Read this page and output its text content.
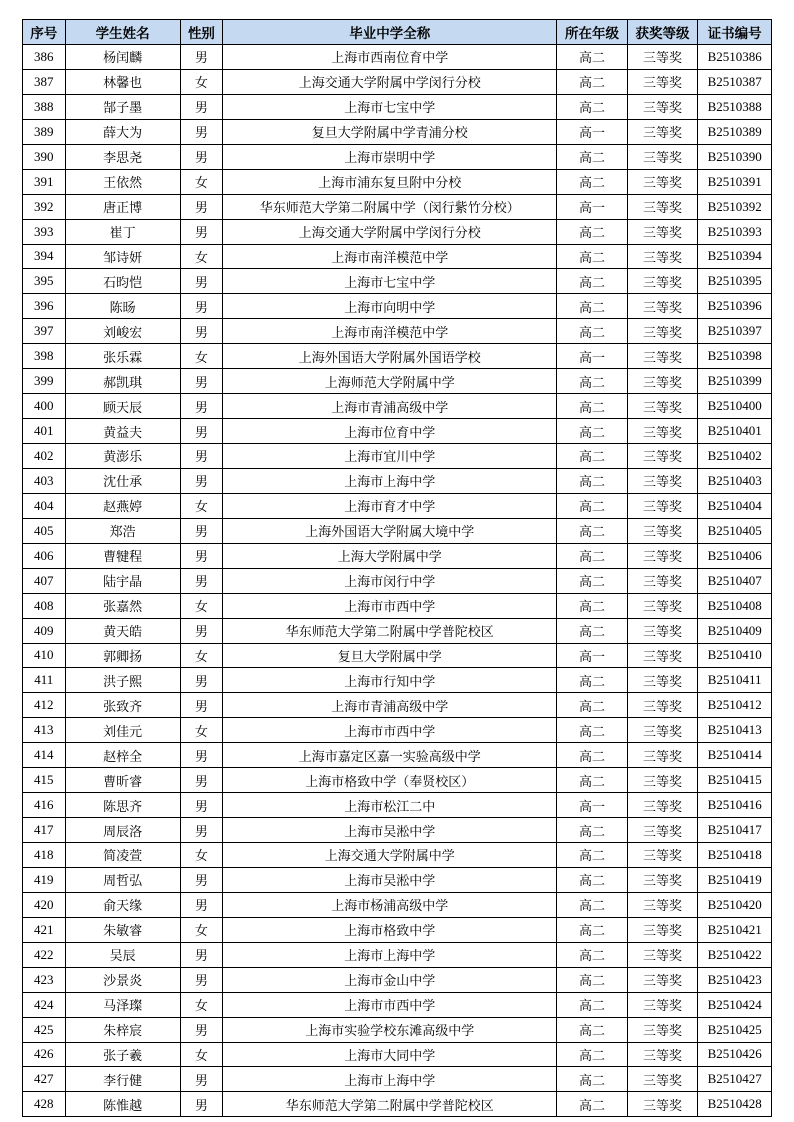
序号	学生姓名	性别	毕业中学全称	所在年级	获奖等级	证书编号
386	杨闰麟	男	上海市西南位育中学	高二	三等奖	B2510386
387	林馨也	女	上海交通大学附属中学闵行分校	高二	三等奖	B2510387
388	郜子墨	男	上海市七宝中学	高二	三等奖	B2510388
389	薛大为	男	复旦大学附属中学青浦分校	高一	三等奖	B2510389
390	李思尧	男	上海市崇明中学	高二	三等奖	B2510390
391	王依然	女	上海市浦东复旦附中分校	高二	三等奖	B2510391
392	唐正博	男	华东师范大学第二附属中学（闵行紫竹分校）	高一	三等奖	B2510392
393	崔丁	男	上海交通大学附属中学闵行分校	高二	三等奖	B2510393
394	邹诗妍	女	上海市南洋模范中学	高二	三等奖	B2510394
395	石昀恺	男	上海市七宝中学	高二	三等奖	B2510395
396	陈旸	男	上海市向明中学	高二	三等奖	B2510396
397	刘峻宏	男	上海市南洋模范中学	高二	三等奖	B2510397
398	张乐霖	女	上海外国语大学附属外国语学校	高一	三等奖	B2510398
399	郝凯琪	男	上海师范大学附属中学	高二	三等奖	B2510399
400	顾天辰	男	上海市青浦高级中学	高二	三等奖	B2510400
401	黄益夫	男	上海市位育中学	高二	三等奖	B2510401
402	黄澎乐	男	上海市宜川中学	高二	三等奖	B2510402
403	沈仕承	男	上海市上海中学	高二	三等奖	B2510403
404	赵燕婷	女	上海市育才中学	高二	三等奖	B2510404
405	郑浩	男	上海外国语大学附属大境中学	高二	三等奖	B2510405
406	曹犍程	男	上海大学附属中学	高二	三等奖	B2510406
407	陆宇晶	男	上海市闵行中学	高二	三等奖	B2510407
408	张嘉然	女	上海市市西中学	高二	三等奖	B2510408
409	黄天皓	男	华东师范大学第二附属中学普陀校区	高二	三等奖	B2510409
410	郭卿扬	女	复旦大学附属中学	高一	三等奖	B2510410
411	洪子熙	男	上海市行知中学	高二	三等奖	B2510411
412	张致齐	男	上海市青浦高级中学	高二	三等奖	B2510412
413	刘佳元	女	上海市市西中学	高二	三等奖	B2510413
414	赵梓全	男	上海市嘉定区嘉一实验高级中学	高二	三等奖	B2510414
415	曹昕睿	男	上海市格致中学（奉贤校区）	高二	三等奖	B2510415
416	陈思齐	男	上海市松江二中	高一	三等奖	B2510416
417	周辰洛	男	上海市吴淞中学	高二	三等奖	B2510417
418	简凌萱	女	上海交通大学附属中学	高二	三等奖	B2510418
419	周哲弘	男	上海市吴淞中学	高二	三等奖	B2510419
420	俞天缘	男	上海市杨浦高级中学	高二	三等奖	B2510420
421	朱敏睿	女	上海市格致中学	高二	三等奖	B2510421
422	吴辰	男	上海市上海中学	高二	三等奖	B2510422
423	沙景炎	男	上海市金山中学	高二	三等奖	B2510423
424	马泽璨	女	上海市市西中学	高二	三等奖	B2510424
425	朱梓宸	男	上海市实验学校东滩高级中学	高二	三等奖	B2510425
426	张子羲	女	上海市大同中学	高二	三等奖	B2510426
427	李行健	男	上海市上海中学	高二	三等奖	B2510427
428	陈惟越	男	华东师范大学第二附属中学普陀校区	高二	三等奖	B2510428
